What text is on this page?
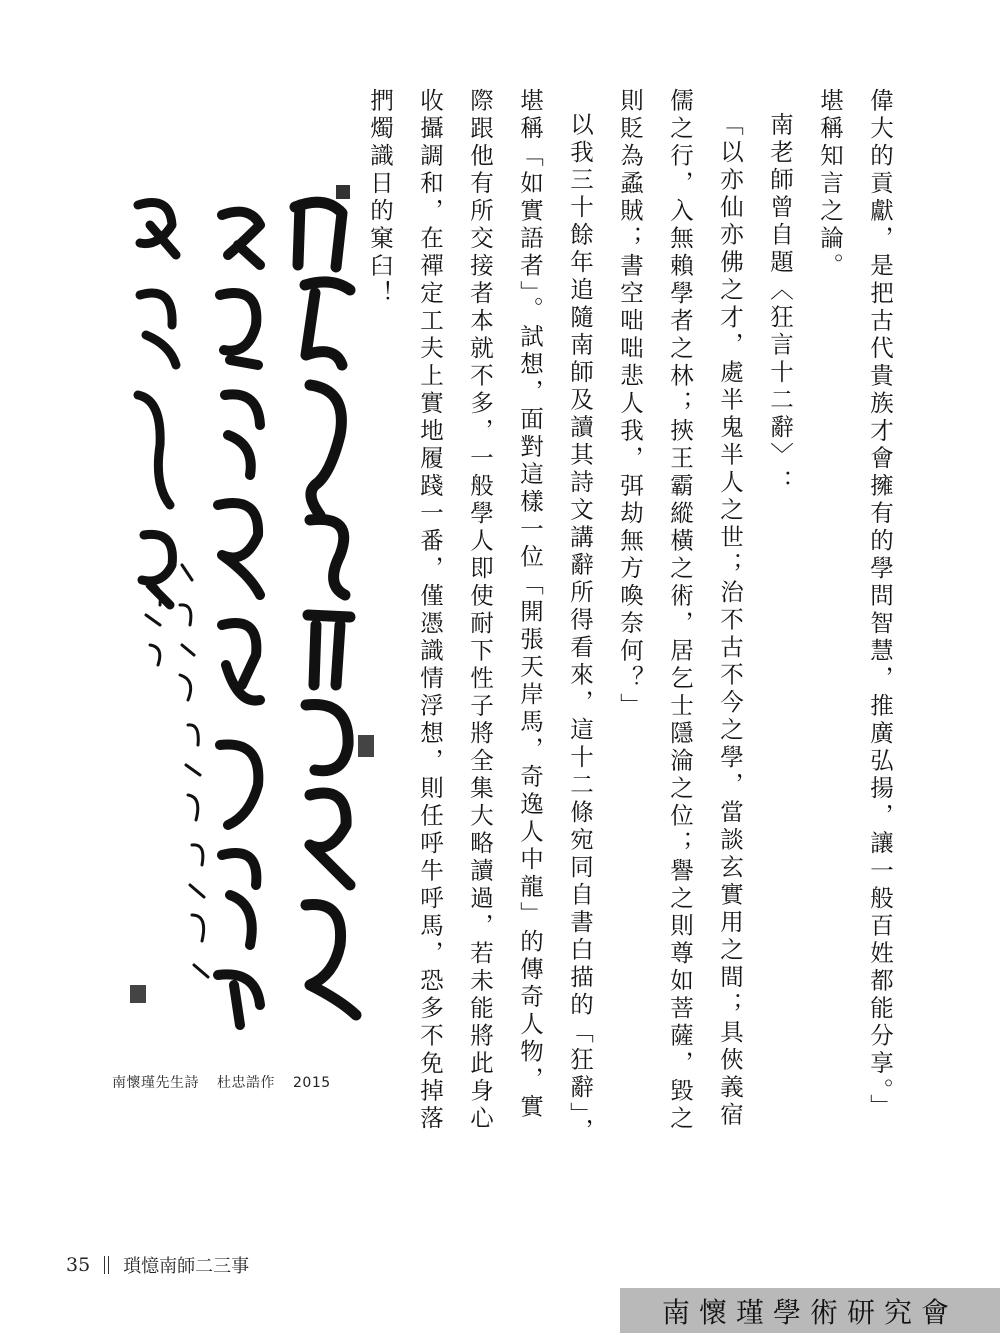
偉大的貢獻，是把古代貴族才會擁有的學問智慧，推廣弘揚，讓一般百姓都能分享。」堪稱知言之論。

南老師曾自題〈狂言十二辭〉：

「以亦仙亦佛之才，處半鬼半人之世；治不古不今之學，當談玄實用之間；具俠義宿儒之行，入無賴學者之林；挾王霸縱橫之術，居乞士隱淪之位；譽之則尊如菩薩，毀之則貶為蟊賊；書空咄咄悲人我，弭劫無方喚奈何？」

以我三十餘年追隨南師及讀其詩文講辭所得看來，這十二條宛同自書白描的「狂辭」，堪稱「如實語者」。試想，面對這樣一位「開張天岸馬，奇逸人中龍」的傳奇人物，實際跟他有所交接者本就不多，一般學人即使耐下性子將全集大略讀過，若未能將此身心收攝調和，在禪定工夫上實地履踐一番，僅憑識情浮想，則任呼牛呼馬，恐多不免掉落捫燭識日的窠臼！

南懷瑾先生詩 杜忠誥作 2015
35 瑣憶南師二三事
南懷瑾學術研究會
